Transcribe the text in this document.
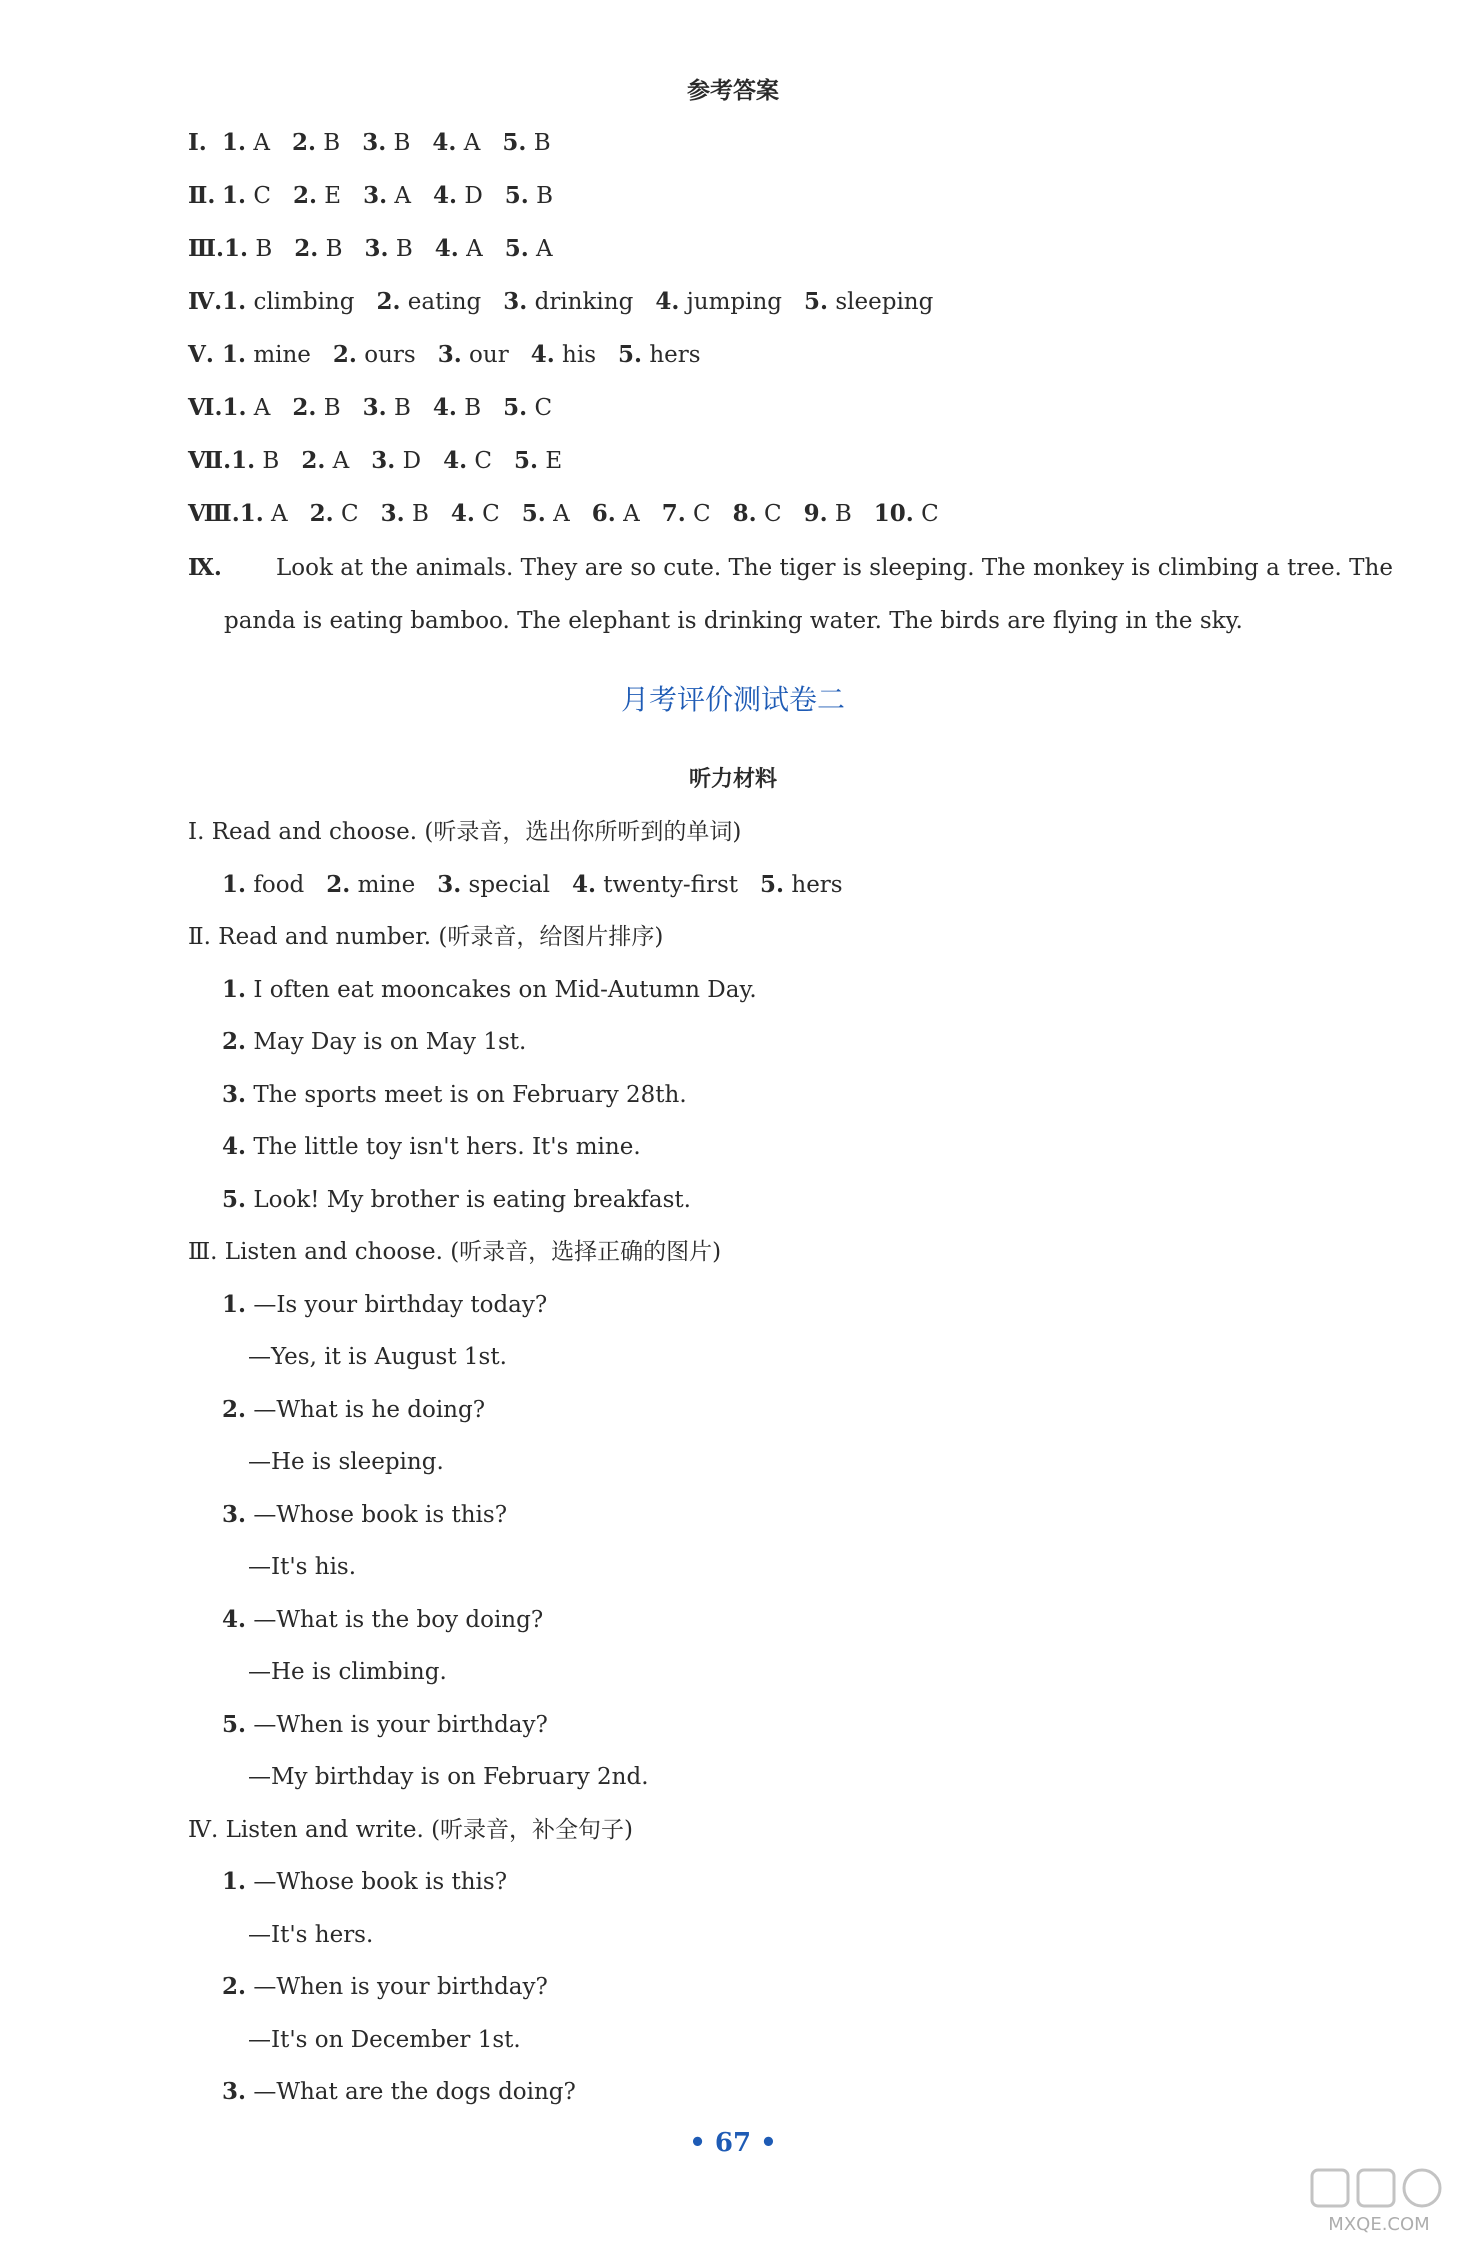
参考答案
Ⅰ. 1. A 2. B 3. B 4. A 5. B
Ⅱ. 1. C 2. E 3. A 4. D 5. B
Ⅲ.1. B 2. B 3. B 4. A 5. A
Ⅳ.1. climbing 2. eating 3. drinking 4. jumping 5. sleeping
Ⅴ. 1. mine 2. ours 3. our 4. his 5. hers
Ⅵ.1. A 2. B 3. B 4. B 5. C
Ⅶ.1. B 2. A 3. D 4. C 5. E
Ⅷ.1. A 2. C 3. B 4. C 5. A 6. A 7. C 8. C 9. B 10. C
Ⅸ. Look at the animals. They are so cute. The tiger is sleeping. The monkey is climbing a tree. The
panda is eating bamboo. The elephant is drinking water. The birds are flying in the sky.
月考评价测试卷二
听力材料
Ⅰ. Read and choose. (听录音，选出你所听到的单词)
1. food 2. mine 3. special 4. twenty-first 5. hers
Ⅱ. Read and number. (听录音，给图片排序)
1. I often eat mooncakes on Mid-Autumn Day.
2. May Day is on May 1st.
3. The sports meet is on February 28th.
4. The little toy isn't hers. It's mine.
5. Look! My brother is eating breakfast.
Ⅲ. Listen and choose. (听录音，选择正确的图片)
1. —Is your birthday today?
—Yes, it is August 1st.
2. —What is he doing?
—He is sleeping.
3. —Whose book is this?
—It's his.
4. —What is the boy doing?
—He is climbing.
5. —When is your birthday?
—My birthday is on February 2nd.
Ⅳ. Listen and write. (听录音，补全句子)
1. —Whose book is this?
—It's hers.
2. —When is your birthday?
—It's on December 1st.
3. —What are the dogs doing?
• 67 •
MXQE.COM
